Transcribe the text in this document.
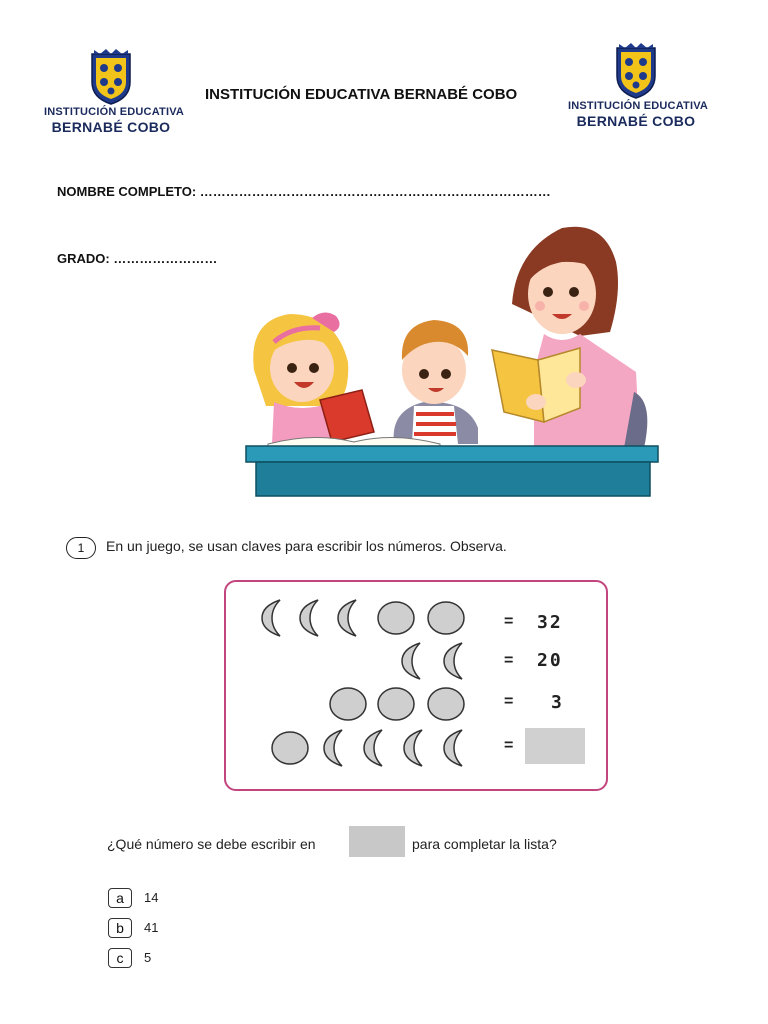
INSTITUCIÓN EDUCATIVA
BERNABÉ COBO
INSTITUCIÓN EDUCATIVA BERNABÉ COBO
INSTITUCIÓN EDUCATIVA
BERNABÉ COBO
NOMBRE COMPLETO: ………………………………………………………………………
GRADO: ……………………
1	En un juego, se usan claves para escribir los números. Observa.
= 32
= 20
= 3
=
¿Qué número se debe escribir en	para completar la lista?
a	14
b	41
c	5
